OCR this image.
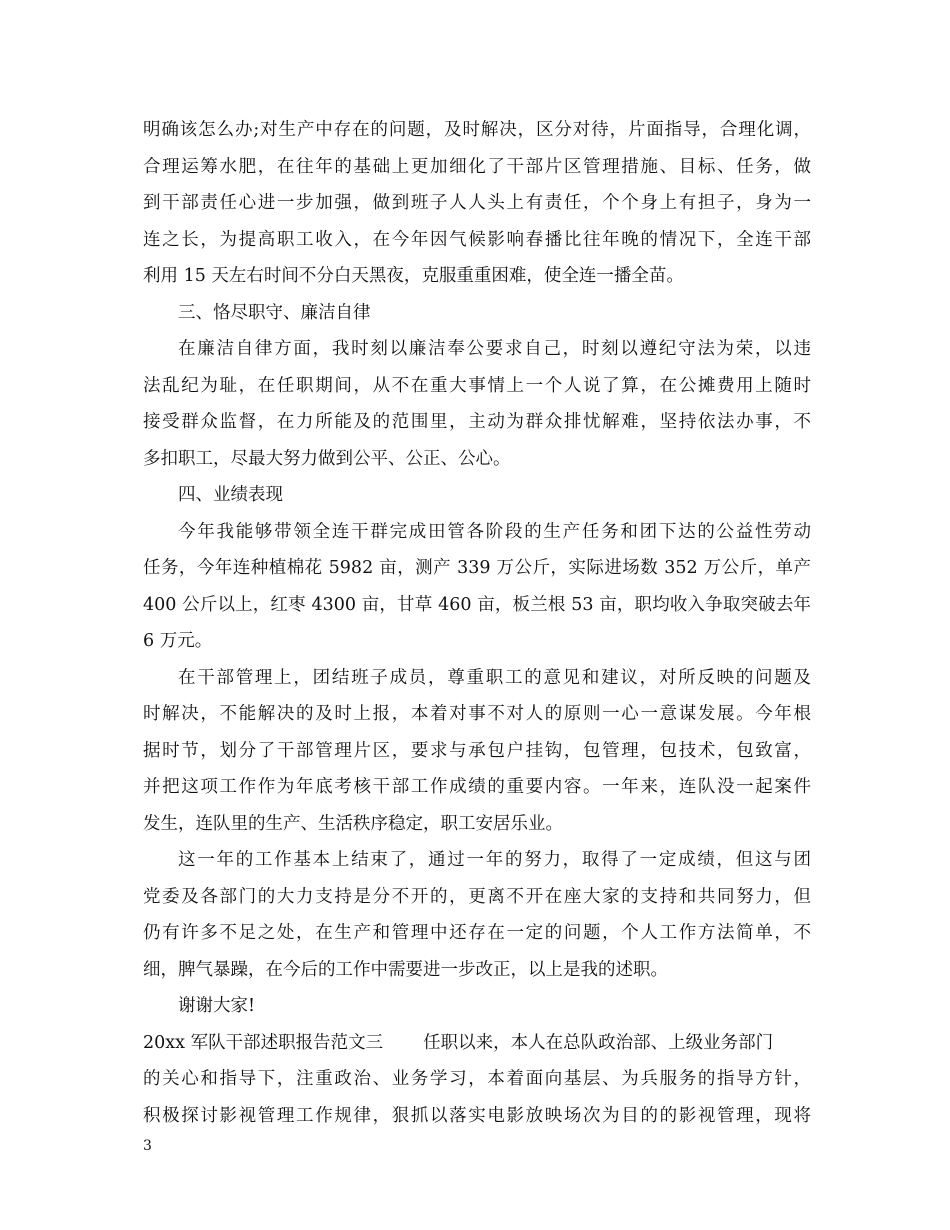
明确该怎么办;对生产中存在的问题，及时解决，区分对待，片面指导，合理化调，
合理运筹水肥，在往年的基础上更加细化了干部片区管理措施、目标、任务，做
到干部责任心进一步加强，做到班子人人头上有责任，个个身上有担子，身为一
连之长，为提高职工收入，在今年因气候影响春播比往年晚的情况下，全连干部
利用 15 天左右时间不分白天黑夜，克服重重困难，使全连一播全苗。
三、恪尽职守、廉洁自律
在廉洁自律方面，我时刻以廉洁奉公要求自己，时刻以遵纪守法为荣，以违
法乱纪为耻，在任职期间，从不在重大事情上一个人说了算，在公摊费用上随时
接受群众监督，在力所能及的范围里，主动为群众排忧解难，坚持依法办事，不
多扣职工，尽最大努力做到公平、公正、公心。
四、业绩表现
今年我能够带领全连干群完成田管各阶段的生产任务和团下达的公益性劳动
任务，今年连种植棉花 5982 亩，测产 339 万公斤，实际进场数 352 万公斤，单产
400 公斤以上，红枣 4300 亩，甘草 460 亩，板兰根 53 亩，职均收入争取突破去年
6 万元。
在干部管理上，团结班子成员，尊重职工的意见和建议，对所反映的问题及
时解决，不能解决的及时上报，本着对事不对人的原则一心一意谋发展。今年根
据时节，划分了干部管理片区，要求与承包户挂钩，包管理，包技术，包致富，
并把这项工作作为年底考核干部工作成绩的重要内容。一年来，连队没一起案件
发生，连队里的生产、生活秩序稳定，职工安居乐业。
这一年的工作基本上结束了，通过一年的努力，取得了一定成绩，但这与团
党委及各部门的大力支持是分不开的，更离不开在座大家的支持和共同努力，但
仍有许多不足之处，在生产和管理中还存在一定的问题，个人工作方法简单，不
细，脾气暴躁，在今后的工作中需要进一步改正，以上是我的述职。
谢谢大家!
20xx 军队干部述职报告范文三 任职以来，本人在总队政治部、上级业务部门
的关心和指导下，注重政治、业务学习，本着面向基层、为兵服务的指导方针，
积极探讨影视管理工作规律，狠抓以落实电影放映场次为目的的影视管理，现将
3
